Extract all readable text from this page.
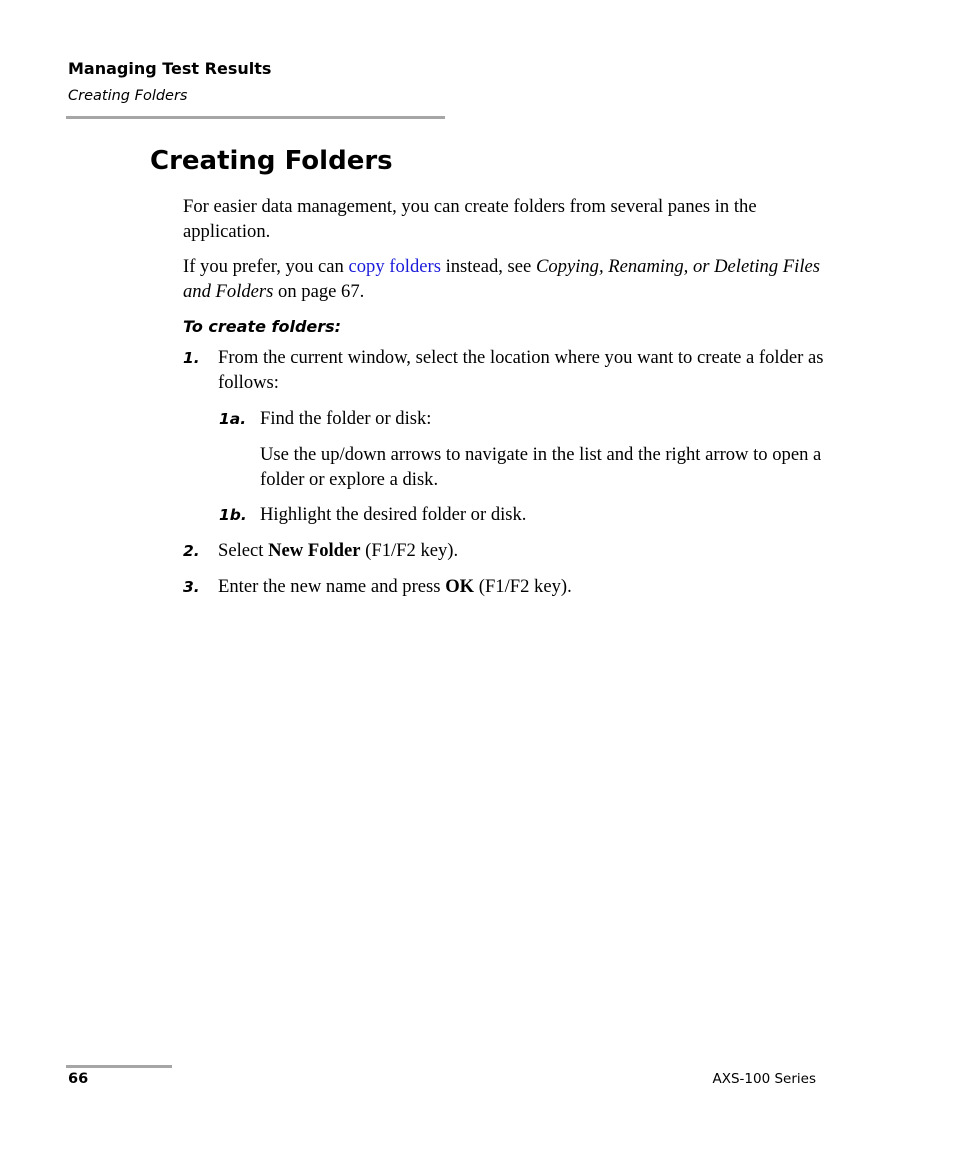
Managing Test Results
Creating Folders
Creating Folders

For easier data management, you can create folders from several panes in the application.

If you prefer, you can copy folders instead, see Copying, Renaming, or Deleting Files and Folders on page 67.

To create folders:

1. From the current window, select the location where you want to create a folder as follows:

1a. Find the folder or disk:

Use the up/down arrows to navigate in the list and the right arrow to open a folder or explore a disk.

1b. Highlight the desired folder or disk.

2. Select New Folder (F1/F2 key).

3. Enter the new name and press OK (F1/F2 key).

66	AXS-100 Series
